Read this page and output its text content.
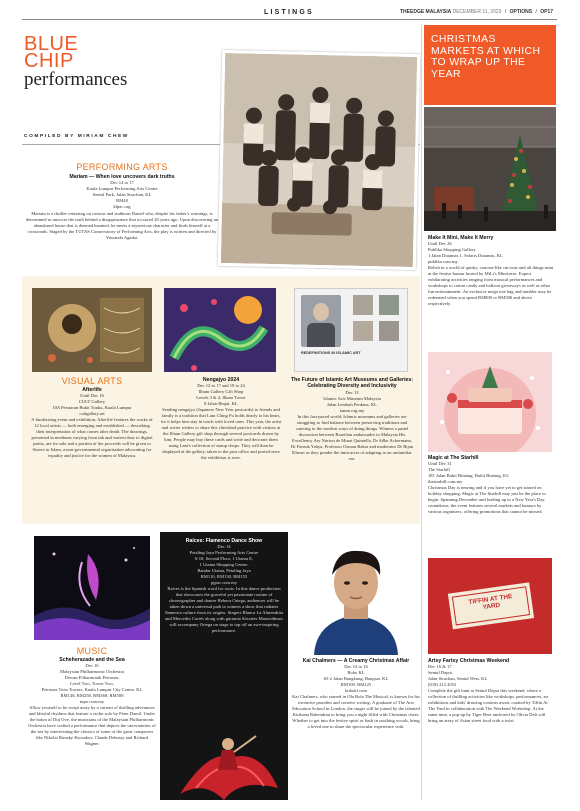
LISTINGS	THEEDGE MALAYSIA DECEMBER 11, 2023 / OPTIONS / OP17
BLUE
CHIP
performances
COMPILED BY MIRIAM CHEW
PERFORMING ARTS
Mariam — When love uncovers dark truths
Dec 14 to 17
Kuala Lumpur Performing Arts Centre
Sentul Park, Jalan Strachan, KL
RM40
klpac.org
Mariam is a thriller centering on curious and stubborn Daniel who, despite his father's warnings, is determined to uncover the truth behind a disappearance that occurred 20 years ago. Upon discovering an abandoned house that is deemed haunted, he meets a mysterious character and finds himself at a crossroads. Staged by the TUTAS Conservatory of Performing Arts, the play is written and directed by Yuwanda Agatha.
CHRISTMAS MARKETS AT WHICH TO WRAP UP THE YEAR
Make It Mini, Make It Merry
Until Dec 26
Publika Shopping Gallery
1 Jalan Dutamas 1, Solaris Dutamas, KL
publika.com.my
Relish in a world of quirky, cartoon-like cut-outs and all things mini at the festive bazaar hosted by MiLi's Miniverse. Expect exhilarating activities ranging from musical performances and workshops to cotton candy and balloon giveaways as well as other fun entertainment. An exclusive mega tote bag and tumbler may be redeemed when you spend RM800 or RM500 and above respectively.
Magic at The Starhill
Until Dec 31
The Starhill
181 Jalan Bukit Bintang, Bukit Bintang, KL
thestarhill.com.my
Christmas Day is nearing and if you have yet to get started on holiday shopping, Magic at The Starhill may just be the place to begin. Spanning December and leading up to a New Year's Day countdown, the event features several markets and bazaars by various organisers, offering promotions that cannot be missed.
TIFFIN AT THE YARD
Artsy Fartsy Christmas Weekend
Dec 16 & 17
Sentul Depot
Jalan Strachan, Sentul West, KL
(018) 212 2052
Complete the gift hunt at Sentul Depot this weekend, where a collection of thrilling activities like workshops, performances, art exhibitions and kids' drawing contests await, curated by Tiffin At The Yard in collaboration with The Weekend Workshop. At the same time, a pop-up by Tiger Beer anchored by Olivia Deli will bring an array of Asian street food with a twist.
REDEFINITIONS IN ISLAMIC ART
VISUAL ARTS
Afterlife
Until Dec 16
CULT Gallery
10A Persiaran Bukit Tunku, Kuala Lumpur
cultgallery.art
A fundraising event and exhibition, Afterlife features the works of 12 local artists — both emerging and established — describing their interpretation of what comes after death. The drawings, presented in mediums varying from ink and watercolour to digital prints, are for sale and a portion of the proceeds will be given to Sisters in Islam, a non-governmental organisation advocating for equality and justice for the women of Malaysia.
Nengajyo 2024
Dec 12 to 17 and 19 to 24
Ilham Gallery Gift Shop
Levels 3 & 4, Ilham Tower
8 Jalan Binjai, KL
Sending nengajyo (Japanese New Year postcards) to friends and family is a tradition that Lam Ching Fu holds dearly to his heart, for it helps him stay in touch with loved ones. This year, the artist and writer wishes to share this cherished practice with visitors at the Ilham Gallery gift shop through several postcards drawn by him. People may buy these cards and write and decorate them using Lam's collection of stamp chops. They will then be displayed at the gallery, taken to the post office and posted once the exhibition is over.
The Future of Islamic Art Museums and Galleries: Celebrating Diversity and Inclusivity
Dec 13
Islamic Arts Museum Malaysia
Jalan Lembah Perdana, KL
iamm.org.my
In this fast-paced world, Islamic museums and galleries are struggling to find balance between preserving traditions and catering to the modern ways of doing things. Witness a panel discussion between Brazilian ambassador to Malaysia His Excellency Ary Norton de Murat Quintella, Dr Silke Ackermann, Dr Farouk Yahya, Professor Osman Bakar and moderator Dr Bijan Kheari as they ponder the intricacies of adapting to an unfamiliar era.
MUSIC
Scheherazade and the Sea
Dec 16
Malaysian Philharmonic Orchestra
Dewan Filharmonik Petronas,
Level Two, Tower Two,
Petronas Twin Towers, Kuala Lumpur City Centre, KL
RM148, RM258, RM368, RM508
mpo.com.my
Allow yourself to be swept away by a current of thrilling adventures and blissful rhythms that feature a violin solo by Peter Daniil. Under the baton of Diji Ove, the musicians of the Malaysian Philharmonic Orchestra have crafted a performance that depicts the uncertainties of the sea by intertwining the classics of some of the great composers like Nikolai Rimsky-Korsakov, Claude Debussy and Richard Wagner.
Raíces: Flamenco Dance Show
Dec 14
Petaling Jaya Performing Arts Centre
6-10, Second Floor, 1 Utama E,
1 Utama Shopping Centre,
Bandar Utama, Petaling Jaya
RM110, RM130, RM155
pjpac.com.my
Raíces is the Spanish word for roots. In this dance production that showcases the graceful yet passionate routine of choreographer and dancer Rebeca Ortega, audiences will be taken down a universal path to witness a show that radiates flamenco culture from its origins. Singers Blanca La Almendrita and Mercedes Cortés along with guitarist Sócrates Mastrodimos will accompany Ortega on stage to top off an awe-inspiring performance.
Kai Chalmers — A Creamy Christmas Affair
Dec 14 to 16
Bobo KL
65-2 Jalan Bangkung, Bangsar, KL
RM100, RM125
bobokl.com
Kai Chalmers, who starred in Ola Bola The Musical, is known for his inventive parodies and creative writing. A graduate of The Arts Education School in London, the singer will be joined by the talented Kirthana Rahendran to bring you a night filled with Christmas cheer. Whether to get into the festive spirit or bask in soothing vocals, bring a loved one to share the spectacular experience with.
